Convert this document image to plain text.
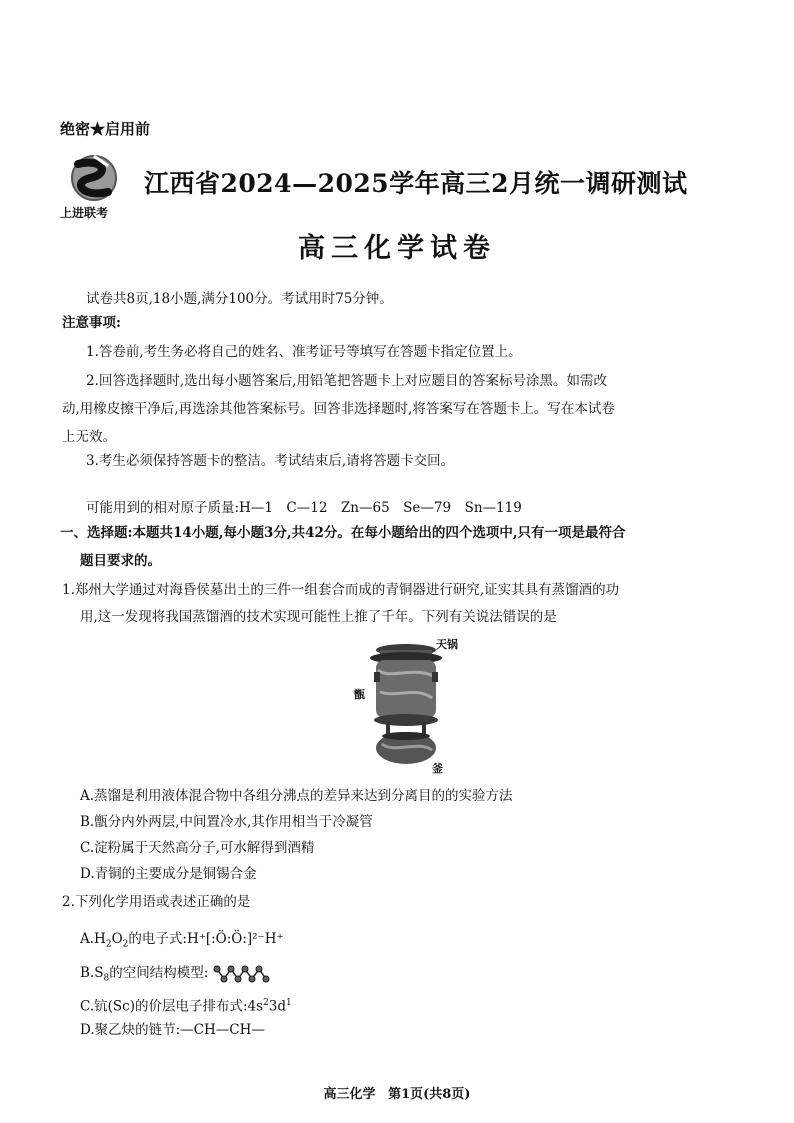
绝密★启用前
上进联考
江西省2024—2025学年高三2月统一调研测试
高三化学试卷
试卷共8页,18小题,满分100分。考试用时75分钟。
注意事项:
1.答卷前,考生务必将自己的姓名、准考证号等填写在答题卡指定位置上。
2.回答选择题时,选出每小题答案后,用铅笔把答题卡上对应题目的答案标号涂黑。如需改
动,用橡皮擦干净后,再选涂其他答案标号。回答非选择题时,将答案写在答题卡上。写在本试卷
上无效。
3.考生必须保持答题卡的整洁。考试结束后,请将答题卡交回。
可能用到的相对原子质量:H—1　C—12　Zn—65　Se—79　Sn—119
一、选择题:本题共14小题,每小题3分,共42分。在每小题给出的四个选项中,只有一项是最符合
题目要求的。
1.郑州大学通过对海昏侯墓出土的三件一组套合而成的青铜器进行研究,证实其具有蒸馏酒的功
用,这一发现将我国蒸馏酒的技术实现可能性上推了千年。下列有关说法错误的是
天锅
甑
釜
A.蒸馏是利用液体混合物中各组分沸点的差异来达到分离目的的实验方法
B.甑分内外两层,中间置冷水,其作用相当于冷凝管
C.淀粉属于天然高分子,可水解得到酒精
D.青铜的主要成分是铜锡合金
2.下列化学用语或表述正确的是
$A.H_2O_2$的电子式:H⁺[:Ö:Ö:]²⁻H⁺
$B.S_8$的空间结构模型:
C.钪(Sc)的价层电子排布式$:4s^23d^1$
D.聚乙炔的链节:—CH—CH—
高三化学 第1页(共8页)
